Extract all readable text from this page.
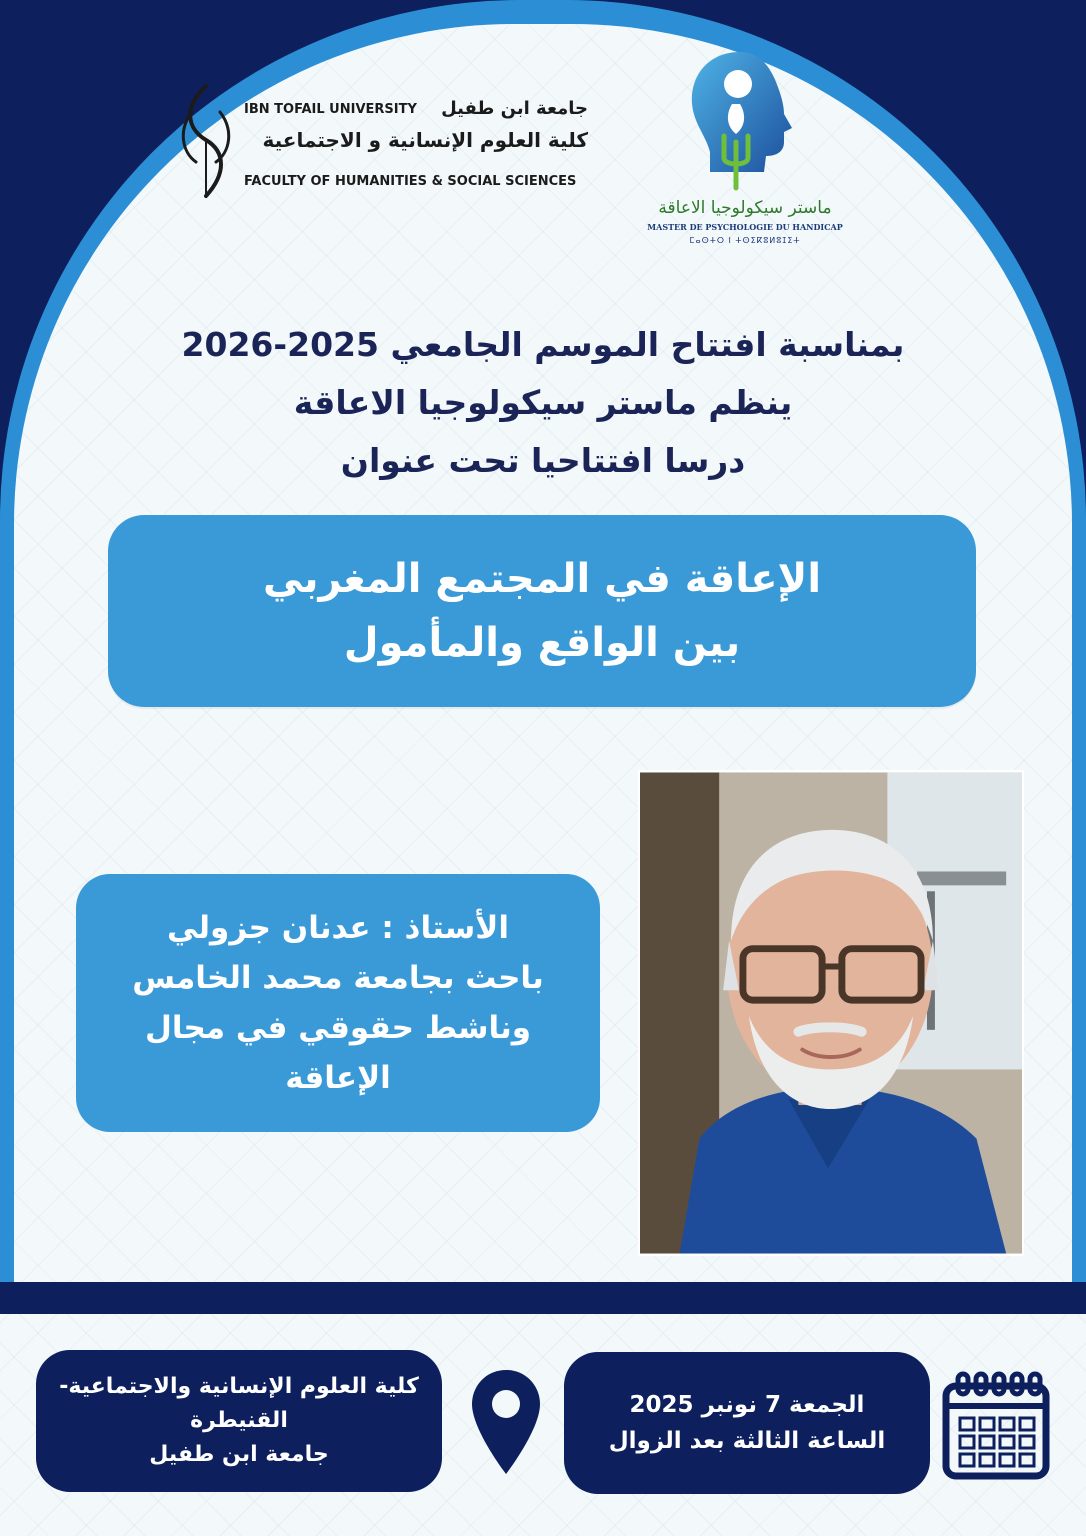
IBN TOFAIL UNIVERSITY جامعة ابن طفيل
كلية العلوم الإنسانية و الاجتماعية
FACULTY OF HUMANITIES & SOCIAL SCIENCES
ماستر سيكولوجيا الاعاقة
MASTER DE PSYCHOLOGIE DU HANDICAP
ⵎⴰⵙⵜⵔ ⵏ ⵜⵙⵉⴽⵓⵍⵓⵊⵉⵜ
بمناسبة افتتاح الموسم الجامعي 2025-2026
ينظم ماستر سيكولوجيا الاعاقة
درسا افتتاحيا تحت عنوان
الإعاقة في المجتمع المغربي
بين الواقع والمأمول
الأستاذ : عدنان جزولي
باحث بجامعة محمد الخامس
وناشط حقوقي في مجال
الإعاقة
كلية العلوم الإنسانية والاجتماعية-
القنيطرة
جامعة ابن طفيل
الجمعة 7 نونبر 2025
الساعة الثالثة بعد الزوال
